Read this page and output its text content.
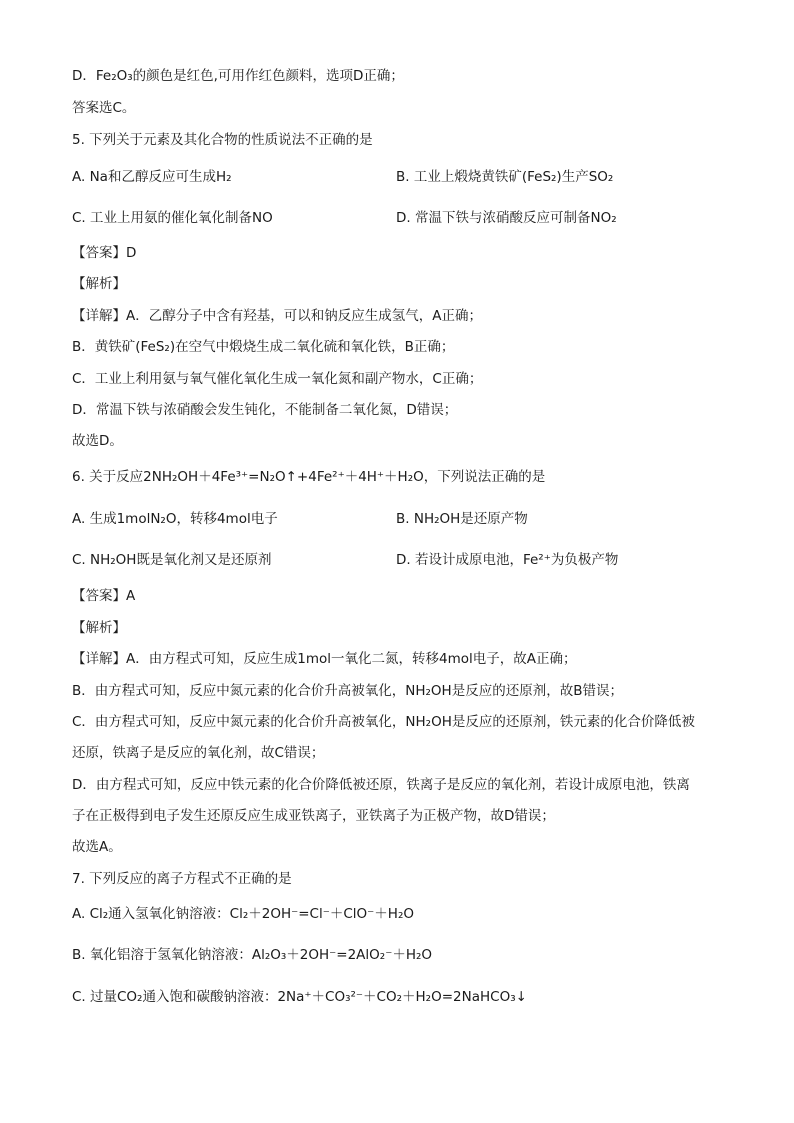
D．Fe₂O₃的颜色是红色,可用作红色颜料，选项D正确；
答案选C。
5. 下列关于元素及其化合物的性质说法不正确的是
A. Na和乙醇反应可生成H₂	B. 工业上煅烧黄铁矿(FeS₂)生产SO₂
C. 工业上用氨的催化氧化制备NO	D. 常温下铁与浓硝酸反应可制备NO₂
【答案】D
【解析】
【详解】A．乙醇分子中含有羟基，可以和钠反应生成氢气，A正确；
B．黄铁矿(FeS₂)在空气中煅烧生成二氧化硫和氧化铁，B正确；
C．工业上利用氨与氧气催化氧化生成一氧化氮和副产物水，C正确；
D．常温下铁与浓硝酸会发生钝化，不能制备二氧化氮，D错误；
故选D。
6. 关于反应2NH₂OH＋4Fe³⁺=N₂O↑+4Fe²⁺＋4H⁺＋H₂O，下列说法正确的是
A. 生成1molN₂O，转移4mol电子	B. NH₂OH是还原产物
C. NH₂OH既是氧化剂又是还原剂	D. 若设计成原电池，Fe²⁺为负极产物
【答案】A
【解析】
【详解】A．由方程式可知，反应生成1mol一氧化二氮，转移4mol电子，故A正确；
B．由方程式可知，反应中氮元素的化合价升高被氧化，NH₂OH是反应的还原剂，故B错误；
C．由方程式可知，反应中氮元素的化合价升高被氧化，NH₂OH是反应的还原剂，铁元素的化合价降低被
还原，铁离子是反应的氧化剂，故C错误；
D．由方程式可知，反应中铁元素的化合价降低被还原，铁离子是反应的氧化剂，若设计成原电池，铁离
子在正极得到电子发生还原反应生成亚铁离子，亚铁离子为正极产物，故D错误；
故选A。
7. 下列反应的离子方程式不正确的是
A. Cl₂通入氢氧化钠溶液：Cl₂＋2OH⁻=Cl⁻＋ClO⁻＋H₂O
B. 氧化铝溶于氢氧化钠溶液：Al₂O₃＋2OH⁻=2AlO₂⁻＋H₂O
C. 过量CO₂通入饱和碳酸钠溶液：2Na⁺＋CO₃²⁻＋CO₂＋H₂O=2NaHCO₃↓
